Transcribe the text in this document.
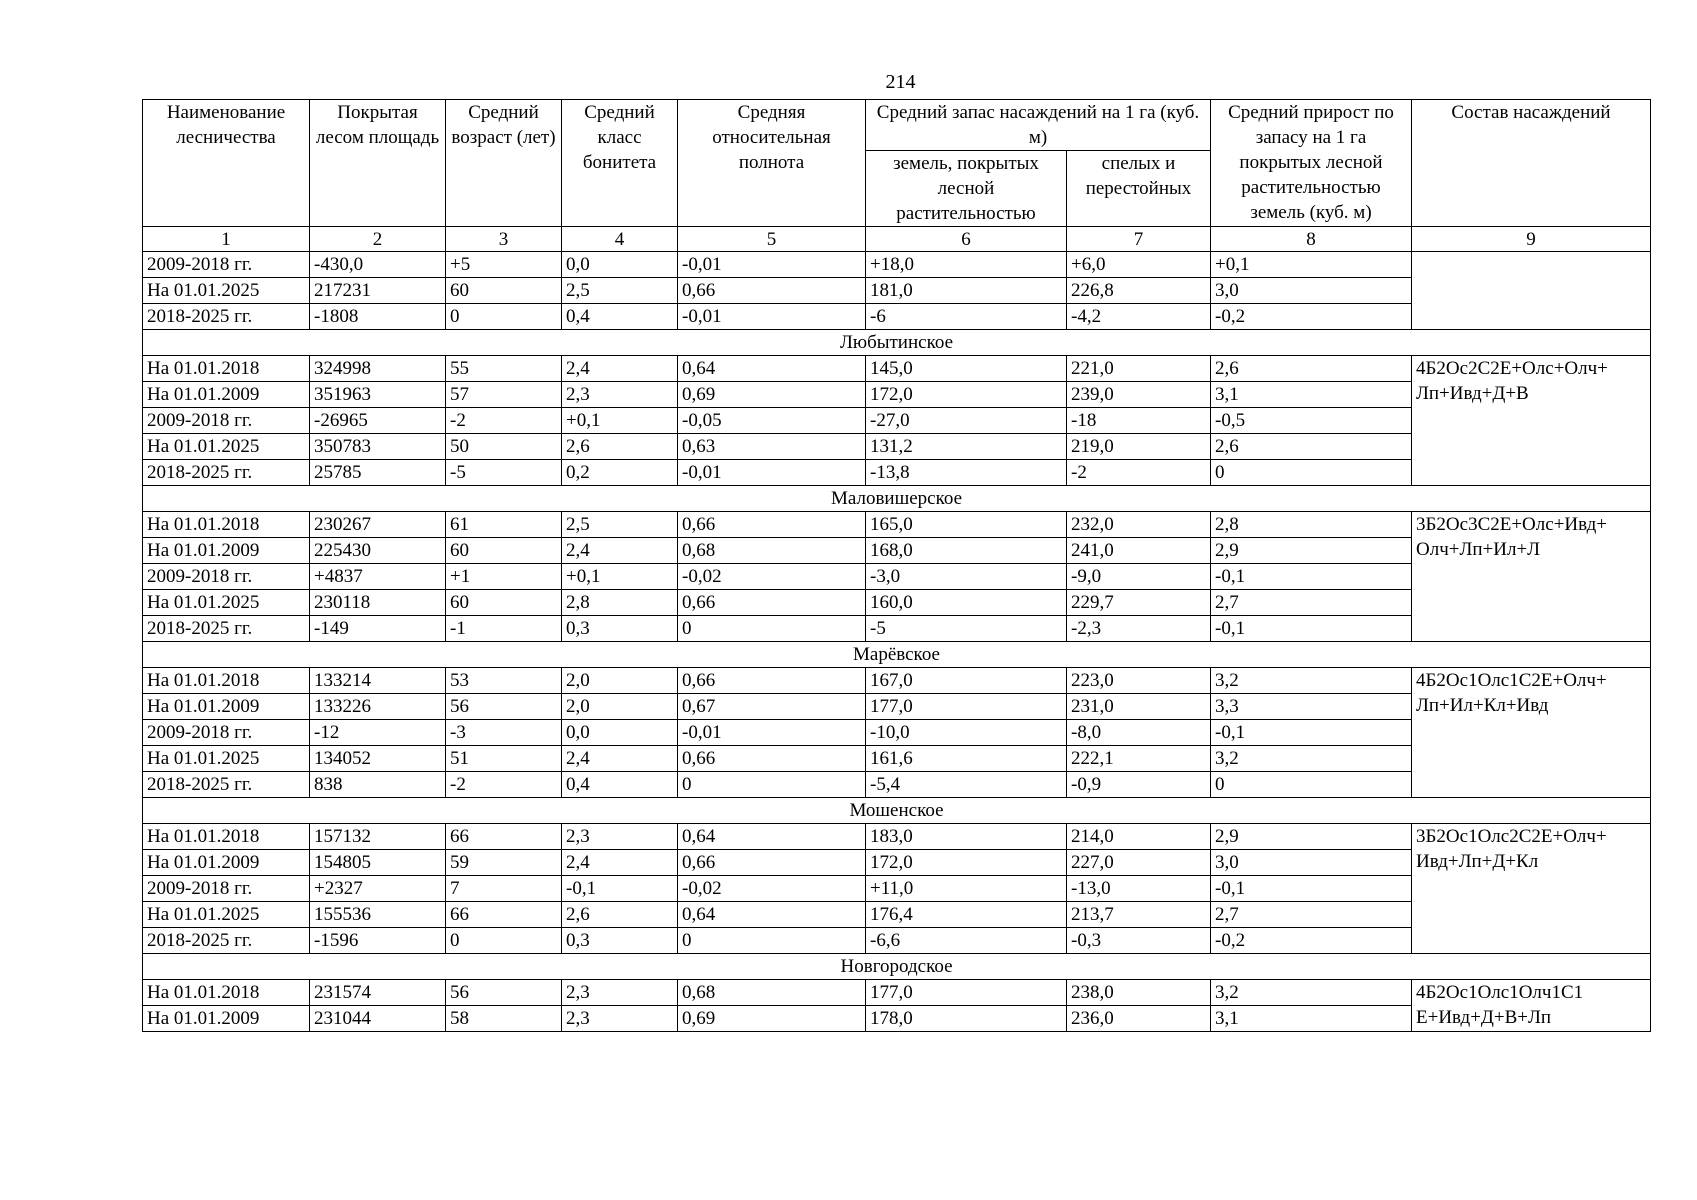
214
Наименование лесничества	Покрытая лесом площадь	Средний возраст (лет)	Средний класс бонитета	Средняя относительная полнота	Средний запас насаждений на 1 га (куб. м)		Средний прирост по запасу на 1 га покрытых лесной растительностью земель (куб. м)	Состав насаждений
					земель, покрытых лесной растительностью	спелых и перестойных		
1	2	3	4	5	6	7	8	9
2009-2018 гг.	-430,0	+5	0,0	-0,01	+18,0	+6,0	+0,1	
На 01.01.2025	217231	60	2,5	0,66	181,0	226,8	3,0	
2018-2025 гг.	-1808	0	0,4	-0,01	-6	-4,2	-0,2	
Любытинское								
На 01.01.2018	324998	55	2,4	0,64	145,0	221,0	2,6	4Б2Ос2С2Е+Олс+Олч+ Лп+Ивд+Д+В
На 01.01.2009	351963	57	2,3	0,69	172,0	239,0	3,1	
2009-2018 гг.	-26965	-2	+0,1	-0,05	-27,0	-18	-0,5	
На 01.01.2025	350783	50	2,6	0,63	131,2	219,0	2,6	
2018-2025 гг.	25785	-5	0,2	-0,01	-13,8	-2	0	
Маловишерское								
На 01.01.2018	230267	61	2,5	0,66	165,0	232,0	2,8	3Б2Ос3С2Е+Олс+Ивд+ Олч+Лп+Ил+Л
На 01.01.2009	225430	60	2,4	0,68	168,0	241,0	2,9	
2009-2018 гг.	+4837	+1	+0,1	-0,02	-3,0	-9,0	-0,1	
На 01.01.2025	230118	60	2,8	0,66	160,0	229,7	2,7	
2018-2025 гг.	-149	-1	0,3	0	-5	-2,3	-0,1	
Марёвское								
На 01.01.2018	133214	53	2,0	0,66	167,0	223,0	3,2	4Б2Ос1Олс1С2Е+Олч+ Лп+Ил+Кл+Ивд
На 01.01.2009	133226	56	2,0	0,67	177,0	231,0	3,3	
2009-2018 гг.	-12	-3	0,0	-0,01	-10,0	-8,0	-0,1	
На 01.01.2025	134052	51	2,4	0,66	161,6	222,1	3,2	
2018-2025 гг.	838	-2	0,4	0	-5,4	-0,9	0	
Мошенское								
На 01.01.2018	157132	66	2,3	0,64	183,0	214,0	2,9	3Б2Ос1Олс2С2Е+Олч+ Ивд+Лп+Д+Кл
На 01.01.2009	154805	59	2,4	0,66	172,0	227,0	3,0	
2009-2018 гг.	+2327	7	-0,1	-0,02	+11,0	-13,0	-0,1	
На 01.01.2025	155536	66	2,6	0,64	176,4	213,7	2,7	
2018-2025 гг.	-1596	0	0,3	0	-6,6	-0,3	-0,2	
Новгородское								
На 01.01.2018	231574	56	2,3	0,68	177,0	238,0	3,2	4Б2Ос1Олс1Олч1С1 Е+Ивд+Д+В+Лп
На 01.01.2009	231044	58	2,3	0,69	178,0	236,0	3,1	
